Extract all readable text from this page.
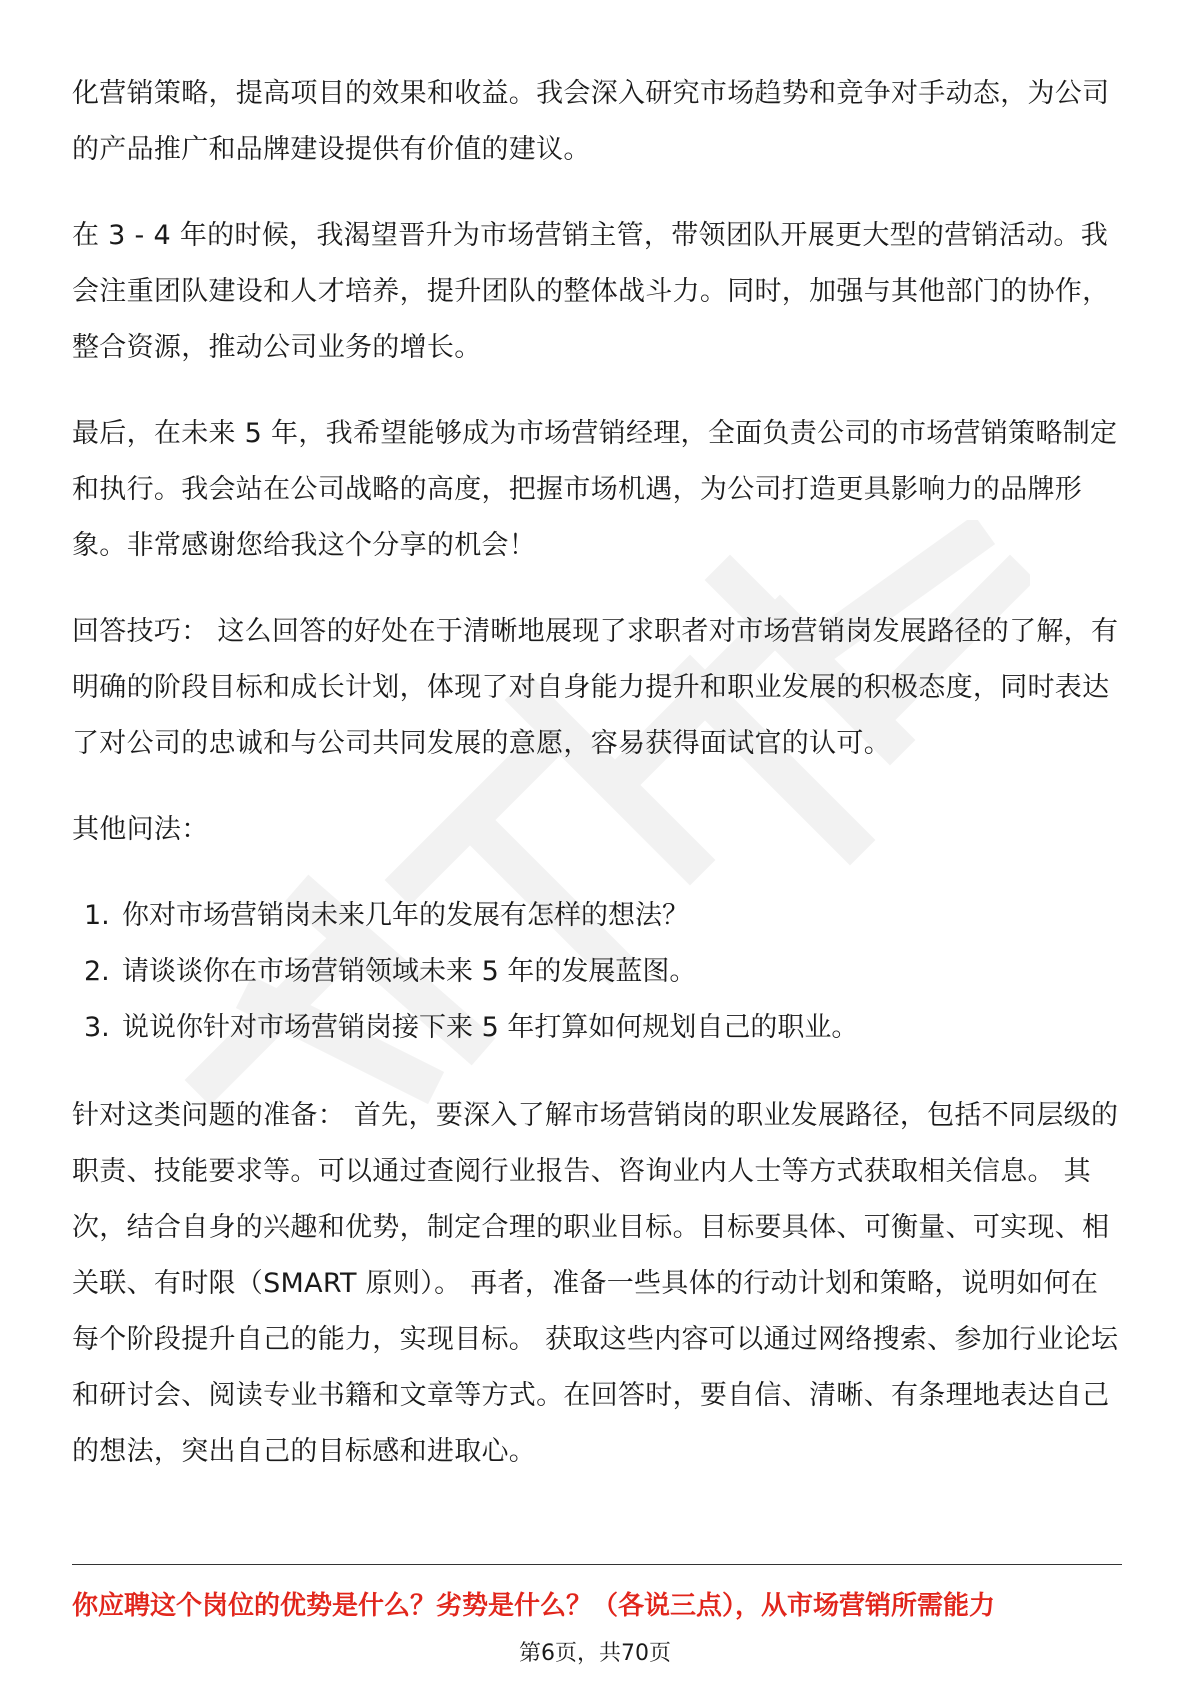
化营销策略，提高项目的效果和收益。我会深入研究市场趋势和竞争对手动态，为公司的产品推广和品牌建设提供有价值的建议。

在 3 - 4 年的时候，我渴望晋升为市场营销主管，带领团队开展更大型的营销活动。我会注重团队建设和人才培养，提升团队的整体战斗力。同时，加强与其他部门的协作，整合资源，推动公司业务的增长。

最后，在未来 5 年，我希望能够成为市场营销经理，全面负责公司的市场营销策略制定和执行。我会站在公司战略的高度，把握市场机遇，为公司打造更具影响力的品牌形象。非常感谢您给我这个分享的机会！

回答技巧： 这么回答的好处在于清晰地展现了求职者对市场营销岗发展路径的了解，有明确的阶段目标和成长计划，体现了对自身能力提升和职业发展的积极态度，同时表达了对公司的忠诚和与公司共同发展的意愿，容易获得面试官的认可。

其他问法：

1. 你对市场营销岗未来几年的发展有怎样的想法？
2. 请谈谈你在市场营销领域未来 5 年的发展蓝图。
3. 说说你针对市场营销岗接下来 5 年打算如何规划自己的职业。

针对这类问题的准备： 首先，要深入了解市场营销岗的职业发展路径，包括不同层级的职责、技能要求等。可以通过查阅行业报告、咨询业内人士等方式获取相关信息。 其次，结合自身的兴趣和优势，制定合理的职业目标。目标要具体、可衡量、可实现、相关联、有时限（SMART 原则）。 再者，准备一些具体的行动计划和策略，说明如何在每个阶段提升自己的能力，实现目标。 获取这些内容可以通过网络搜索、参加行业论坛和研讨会、阅读专业书籍和文章等方式。在回答时，要自信、清晰、有条理地表达自己的想法，突出自己的目标感和进取心。

你应聘这个岗位的优势是什么？劣势是什么？（各说三点），从市场营销所需能力

第6页，共70页
